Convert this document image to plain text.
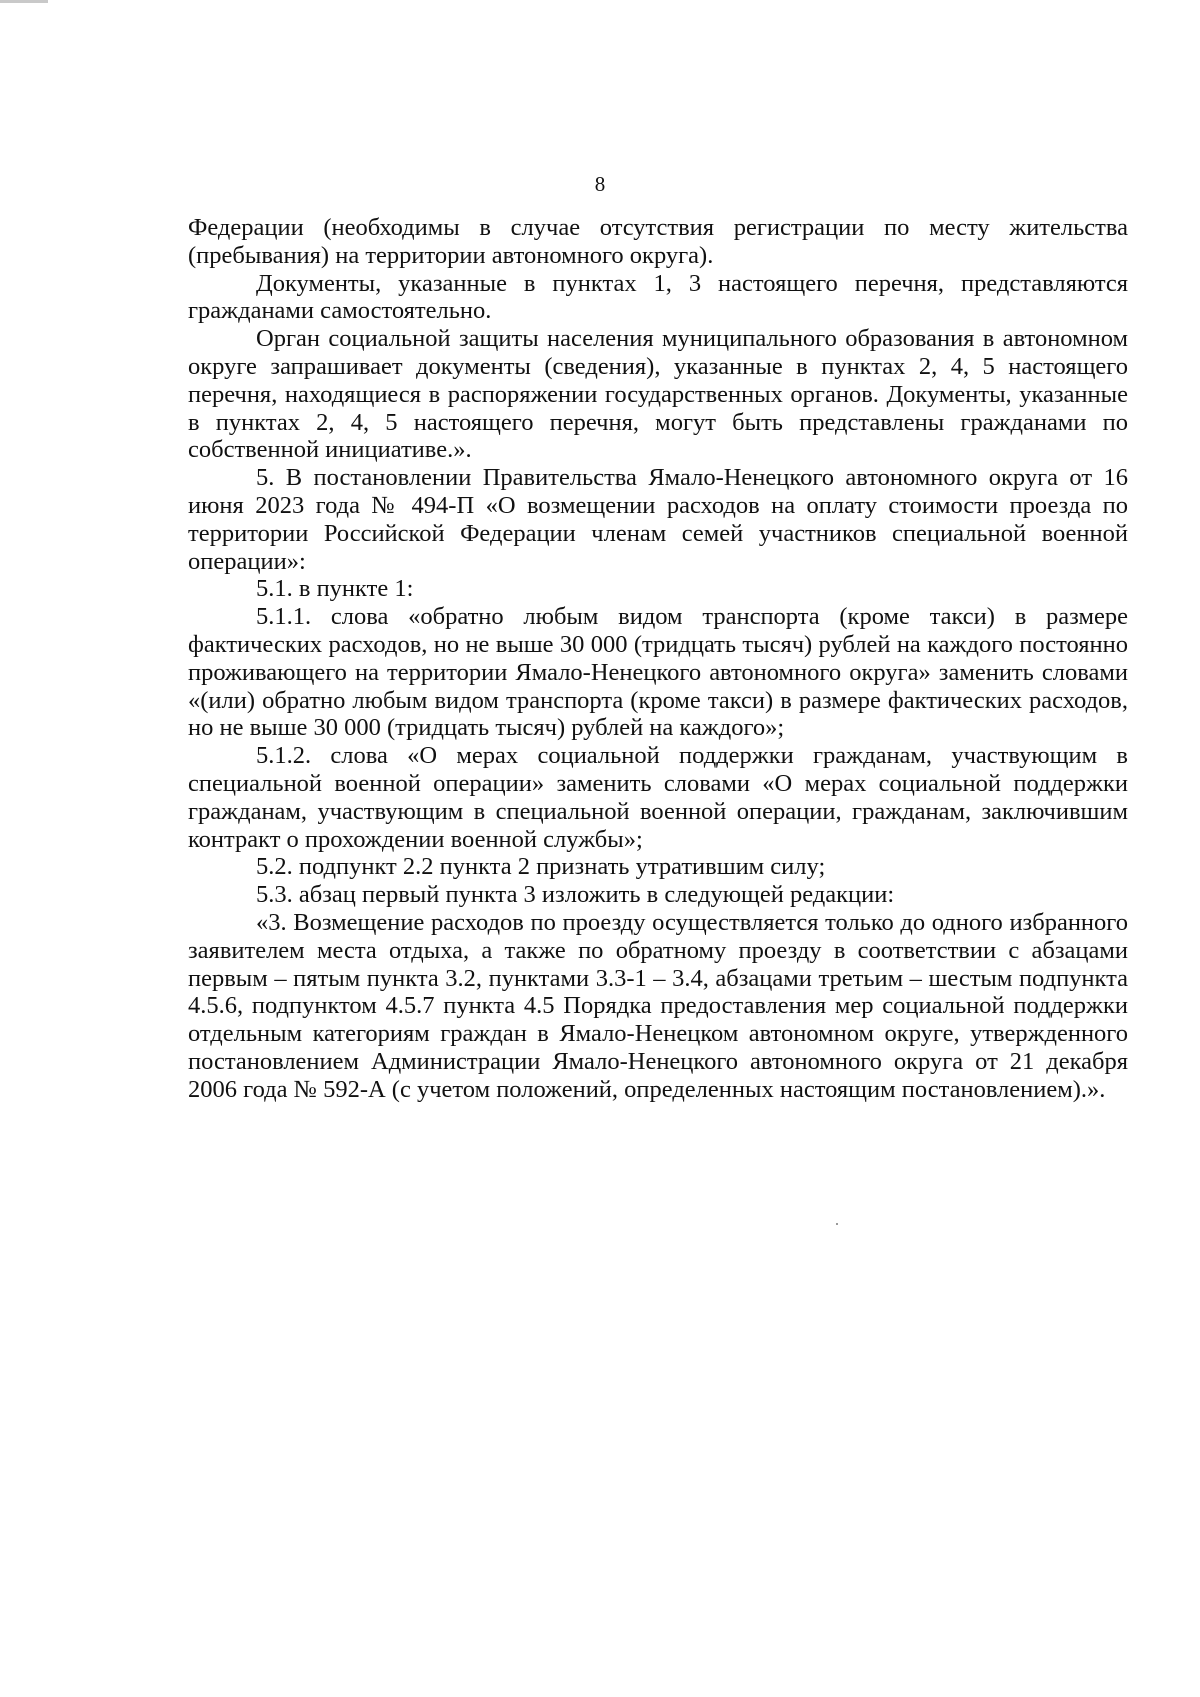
8

Федерации (необходимы в случае отсутствия регистрации по месту жительства (пребывания) на территории автономного округа).

Документы, указанные в пунктах 1, 3 настоящего перечня, представляются гражданами самостоятельно.

Орган социальной защиты населения муниципального образования в автономном округе запрашивает документы (сведения), указанные в пунктах 2, 4, 5 настоящего перечня, находящиеся в распоряжении государственных органов. Документы, указанные в пунктах 2, 4, 5 настоящего перечня, могут быть представлены гражданами по собственной инициативе.».

5. В постановлении Правительства Ямало-Ненецкого автономного округа от 16 июня 2023 года № 494-П «О возмещении расходов на оплату стоимости проезда по территории Российской Федерации членам семей участников специальной военной операции»:

5.1. в пункте 1:

5.1.1. слова «обратно любым видом транспорта (кроме такси) в размере фактических расходов, но не выше 30 000 (тридцать тысяч) рублей на каждого постоянно проживающего на территории Ямало-Ненецкого автономного округа» заменить словами «(или) обратно любым видом транспорта (кроме такси) в размере фактических расходов, но не выше 30 000 (тридцать тысяч) рублей на каждого»;

5.1.2. слова «О мерах социальной поддержки гражданам, участвующим в специальной военной операции» заменить словами «О мерах социальной поддержки гражданам, участвующим в специальной военной операции, гражданам, заключившим контракт о прохождении военной службы»;

5.2. подпункт 2.2 пункта 2 признать утратившим силу;

5.3. абзац первый пункта 3 изложить в следующей редакции:

«3. Возмещение расходов по проезду осуществляется только до одного избранного заявителем места отдыха, а также по обратному проезду в соответствии с абзацами первым – пятым пункта 3.2, пунктами 3.3-1 – 3.4, абзацами третьим – шестым подпункта 4.5.6, подпунктом 4.5.7 пункта 4.5 Порядка предоставления мер социальной поддержки отдельным категориям граждан в Ямало-Ненецком автономном округе, утвержденного постановлением Администрации Ямало-Ненецкого автономного округа от 21 декабря 2006 года № 592-А (с учетом положений, определенных настоящим постановлением).».
